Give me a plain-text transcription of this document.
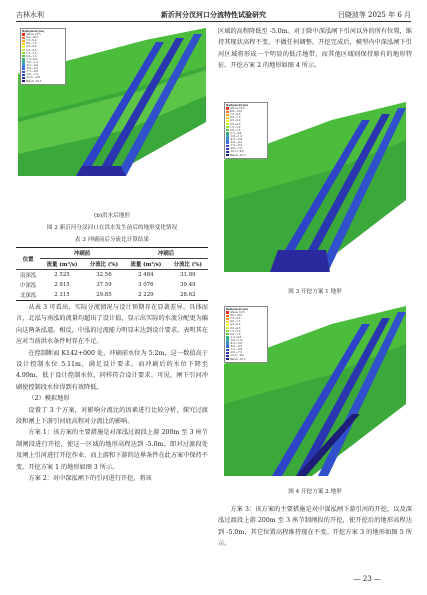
吉林水利	新沂河分汊河口分流特性试验研究	吕晓波等 2025 年 6 月
Bathymetry(m)
Above 10.5
9.0~10.5
7.5~9.0
6.0~7.5
4.5~6.0
3.0~4.5
1.5~3.0
0.0~1.5
-1.5~0.0
-3.0~-1.5
-4.5~-3.0
-6.0~-4.5
-7.5~-6.0
-9.0~-7.5
-10.5~-9.0
Below -10.5
(b)洪水后地形
图 2 新沂河分汊河口在洪水发生前后的地形变化情况
表 3 冲刷前后分流比计算结果
位置	冲刷前		冲刷后	
	流量 (m³/s)	分流比 (%)	流量 (m³/s)	分流比 (%)
南深泓	2 525	32.56	2 484	31.89
中深泓	2 915	37.59	3 076	39.49
北深泓	2 315	29.85	2 229	28.62

从表 3 可看出，实际分流情况与设计预期存在显著差异。具体而言，北泓与南泓的流量均超出了设计值，显示出实际的水流分配更为偏向这两条泓道。相反，中泓的过流能力明显未达到设计要求，表明其在应对当前洪水条件时存在不足。

在控制断面 K142+000 处，冲刷前水位为 5.2m，这一数值高于设计控制水位 5.11m，满足设计要求。而冲刷后的水位下降至 4.99m，低于设计控制水位，同样符合设计要求。可见，闸下引河冲刷使控制段水位得到有效降低。

（2）模拟地形

设置了 3 个方案，对影响分流比的因素进行比较分析，探究过渡段和闸上下游引河底高程对分流比的影响。

方案 1：该方案的主要措施是对深泓过渡段上游 200m 至 3 座节制闸段进行开挖，使这一区域的地形高程达到 -5.0m。即对过渡段处及闸上引河进行开挖作业，而上游和下游的边界条件在此方案中保持不变。开挖方案 1 的地形如图 3 所示。

方案 2：对中深泓闸下的引河进行开挖，将该

区域的高程降低至 -5.0m。对于除中深泓闸下引河以外的所有位置，维持其现状高程不变，不做任何调整。开挖完成后，模型内中深泓闸下引河区域将形成一个明显的低洼地带，而其他区域则保持原有的地形特征。开挖方案 2 的地形如图 4 所示。

Bathymetry(m)
Above 10.5
9.0~10.5
7.5~9.0
6.0~7.5
4.5~6.0
3.0~4.5
1.5~3.0
0.0~1.5
-1.5~0.0
-3.0~-1.5
-4.5~-3.0
-6.0~-4.5
-7.5~-6.0
-9.0~-7.5
-10.5~-9.0
Below -10.5
图 3 开挖方案 1 地形
Bathymetry(m)
Above 10.5
9.0~10.5
7.5~9.0
6.0~7.5
4.5~6.0
3.0~4.5
1.5~3.0
0.0~1.5
-1.5~0.0
-3.0~-1.5
-4.5~-3.0
-6.0~-4.5
-7.5~-6.0
-9.0~-7.5
-10.5~-9.0
Below -10.5
图 4 开挖方案 2 地形

方案 3：该方案的主要措施是对中深泓闸下游引河的开挖，以及深泓过渡段上游 200m 至 3 座节制闸段的开挖，使开挖后的地形高程达到 -5.0m，其它位置高程维持现在不变。开挖方案 3 的地形如图 5 所示。

— 23 —
